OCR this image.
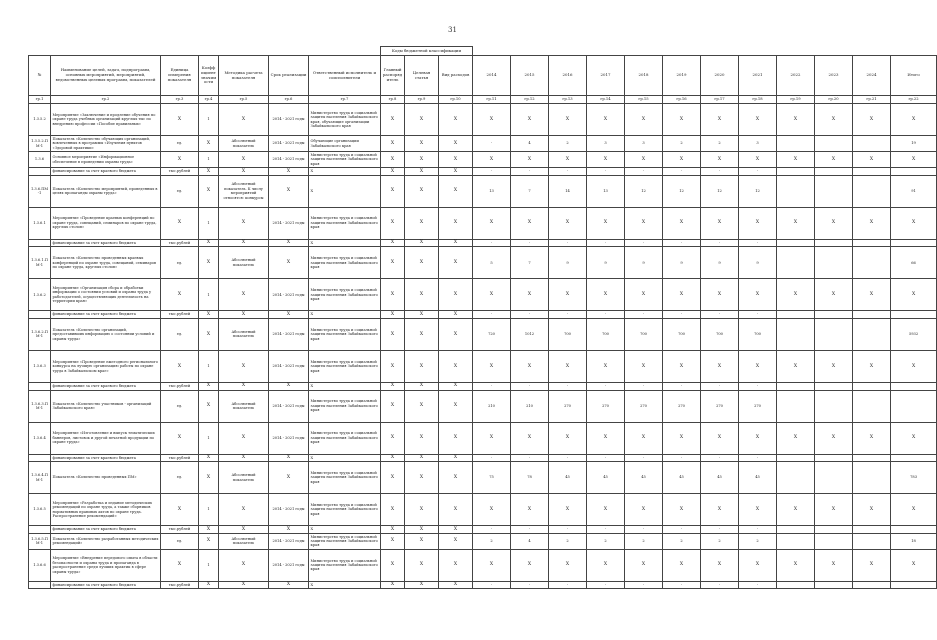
31
							Коды бюджетной классификации														
№	Наименование целей, задач, подпрограмм, основных мероприятий, мероприятий, ведомственных целевых программ, показателей	Единица измерения показателя	Коэффициент значимости	Методика расчета показателя	Срок реализации	Ответственный исполнитель и соисполнители	Главный распорядитель	Целевая статья	Вид расходов	2014	2015	2016	2017	2018	2019	2020	2021	2022	2023	2024	Итого
гр.1	гр.2	гр.3	гр.4	гр.5	гр.6	гр.7	гр.8	гр.9	гр.10	гр.11	гр.12	гр.13	гр.14	гр.15	гр.16	гр.17	гр.18	гр.19	гр.20	гр.21	гр.22
1.3.5.2	Мероприятие «Заключение и продление обучения по охране труда учебных организаций круглых тыс по внедрению профессии «Пособие правильных»	X	1	X	2014 - 2021 годы	Министерство труда и социальной защиты населения Забайкальского края, обучающие организации Забайкальского края	X	X	X	X	X	X	X	X	X	X	X	X	X	X	X
1.3.5.2.ПМ-1	Показатель «Количество обучающих организаций, вовлеченных в программы «Изучения пунктов «Здоровой практики»	ед.	X	Абсолютный показатель	2014 - 2021 годы	Обучающие организации Забайкальского края	X	X	X	-	4	2	3	3	2	2	3				19
1.3.6	Основное мероприятие «Информационное обеспечение в проведении охраны труда»	X	1	X	2014 - 2021 годы	Министерство труда и социальной защиты населения Забайкальского края	X	X	X	X	X	X	X	X	X	X	X	X	X	X	X
	финансирование за счет краевого бюджета	тыс.рублей	X	X	X	X	X	X	X	-	-	-	-	-	-	-	-				
1.3.6.ПМ-1	Показатель «Количество мероприятий, проведенных в целях пропаганды охраны труда»	ед.	X	Абсолютный показатель. К числу мероприятий относятся: конкурсы	X	X	X	X	X	13	7	14	13	12	12	12	12				91
1.3.6.1	Мероприятие «Проведение краевых конференций по охране труда, совещаний, семинаров по охране труда, круглых столов»	X	1	X	2014 - 2021 годы	Министерство труда и социальной защиты населения Забайкальского края	X	X	X	X	X	X	X	X	X	X	X	X	X	X	X
	финансирование за счет краевого бюджета	тыс.рублей	X	X	X	X	X	X	X	-	-	-	-	-	-	-	-				
1.3.6.1.ПМ-1	Показатель «Количество проведенных краевых конференций по охране труда, совещаний, семинаров по охране труда, круглых столов»	ед.	X	Абсолютный показатель	X	Министерство труда и социальной защиты населения Забайкальского края	X	X	X	5	7	9	9	9	9	9	9				66
1.3.6.2	Мероприятие «Организация сбора и обработки информации о состоянии условий и охраны труда у работодателей, осуществляющих деятельность на территории края»	X	1	X	2014 - 2021 годы	Министерство труда и социальной защиты населения Забайкальского края	X	X	X	X	X	X	X	X	X	X	X	X	X	X	X
	финансирование за счет краевого бюджета	тыс.рублей	X	X	X	X	X	X	X	-	-	-	-	-	-	-	-				
1.3.6.2.ПМ-1	Показатель «Количество организаций, предоставивших информацию о состоянии условий и охраны труда»	ед.	X	Абсолютный показатель	2014 - 2021 годы	Министерство труда и социальной защиты населения Забайкальского края	X	X	X	720	1012	700	700	700	700	700	700				5932
1.3.6.3	Мероприятие «Проведение ежегодного регионального конкурса на лучшую организацию работы по охране труда в Забайкальском крае»	X	1	X	2014 - 2021 годы	Министерство труда и социальной защиты населения Забайкальского края	X	X	X	X	X	X	X	X	X	X	X	X	X	X	X
	финансирование за счет краевого бюджета	тыс.рублей	X	X	X	X	X	X	X	-	-	-	-	-	-	-	-				
1.3.6.3.ПМ-1	Показатель «Количество участников - организаций Забайкальского края»	ед.	X	Абсолютный показатель	2014 - 2021 годы	Министерство труда и социальной защиты населения Забайкальского края	X	X	X	210	210	270	270	270	270	270	270				
1.3.6.4	Мероприятие «Изготовление и выпуск тематических баннеров, листовок и другой печатной продукции по охране труда»	X	1	X	2014 - 2021 годы	Министерство труда и социальной защиты населения Забайкальского края	X	X	X	X	X	X	X	X	X	X	X	X	X	X	X
	финансирование за счет краевого бюджета	тыс.рублей	X	X	X	X	X	X	X	-	-	-	-	-	-	-	-				
1.3.6.4.ПМ-1	Показатель «Количество проведенных ПМ»	ед.	X	Абсолютный показатель	X	Министерство труда и социальной защиты населения Забайкальского края	X	X	X	75	78	45	45	45	45	45	45				783
1.3.6.5	Мероприятие «Разработка и издание методических рекомендаций по охране труда, а также сборников нормативных правовых актов по охране труда. Распространение рекомендаций»	X	1	X	2014 - 2021 годы	Министерство труда и социальной защиты населения Забайкальского края	X	X	X	X	X	X	X	X	X	X	X	X	X	X	X
	финансирование за счет краевого бюджета	тыс.рублей	X	X	X	X	X	X	X	-	-	-	-	-	-	-	-				
1.3.6.5.ПМ-1	Показатель «Количество разработанных методических рекомендаций»	ед.	X	Абсолютный показатель	2014 - 2021 годы	Министерство труда и социальной защиты населения Забайкальского края	X	X	X	2	4	2	2	2	2	2	2				18
1.3.6.6	Мероприятие «Внедрение передового опыта в области безопасности и охраны труда и пропаганда в распространение среди лучших практик в сфере охраны труда»	X	1	X	2014 - 2021 годы	Министерство труда и социальной защиты населения Забайкальского края	X	X	X	X	X	X	X	X	X	X	X	X	X	X	X
	финансирование за счет краевого бюджета	тыс.рублей	X	X	X	X	X	X	X	-	-	-	-	-	-	-	-				
